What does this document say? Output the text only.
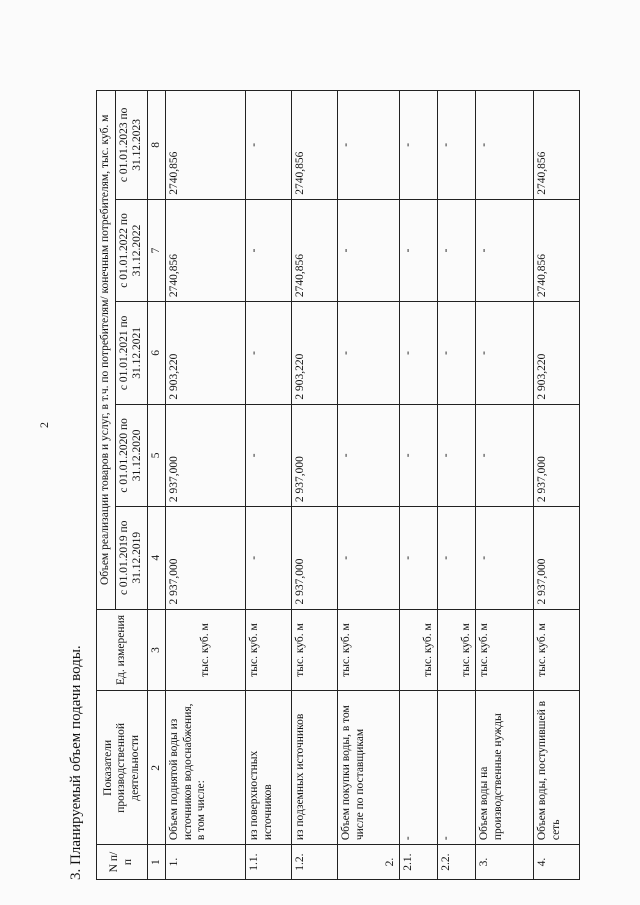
2
3. Планируемый объем подачи воды. N п/п	Показатели производственной деятельности	Ед. измерения	Объем реализации товаров и услуг, в т.ч. по потребителям/ конечным потребителям, тыс. куб. м				
			с 01.01.2019 по 31.12.2019	с 01.01.2020 по 31.12.2020	с 01.01.2021 по 31.12.2021	с 01.01.2022 по 31.12.2022	с 01.01.2023 по 31.12.2023
1	2	3	4	5	6	7	8
1.	Объем поднятой воды из источников водоснабжения, в том числе:	тыс. куб. м	2 937,000	2 937,000	2 903,220	2740,856	2740,856
1.1.	из поверхностных источников	тыс. куб. м	-	-	-	-	-
1.2.	из подземных источников	тыс. куб. м	2 937,000	2 937,000	2 903,220	2740,856	2740,856
2.	Объем покупки воды, в том числе по поставщикам	тыс. куб. м	-	-	-	-	-
2.1.	-	тыс. куб. м	-	-	-	-	-
2.2.	-	тыс. куб. м	-	-	-	-	-
3.	Объем воды на производственные нужды	тыс. куб. м	-	-	-	-	-
4.	Объем воды, поступившей в сеть	тыс. куб. м	2 937,000	2 937,000	2 903,220	2740,856	2740,856
